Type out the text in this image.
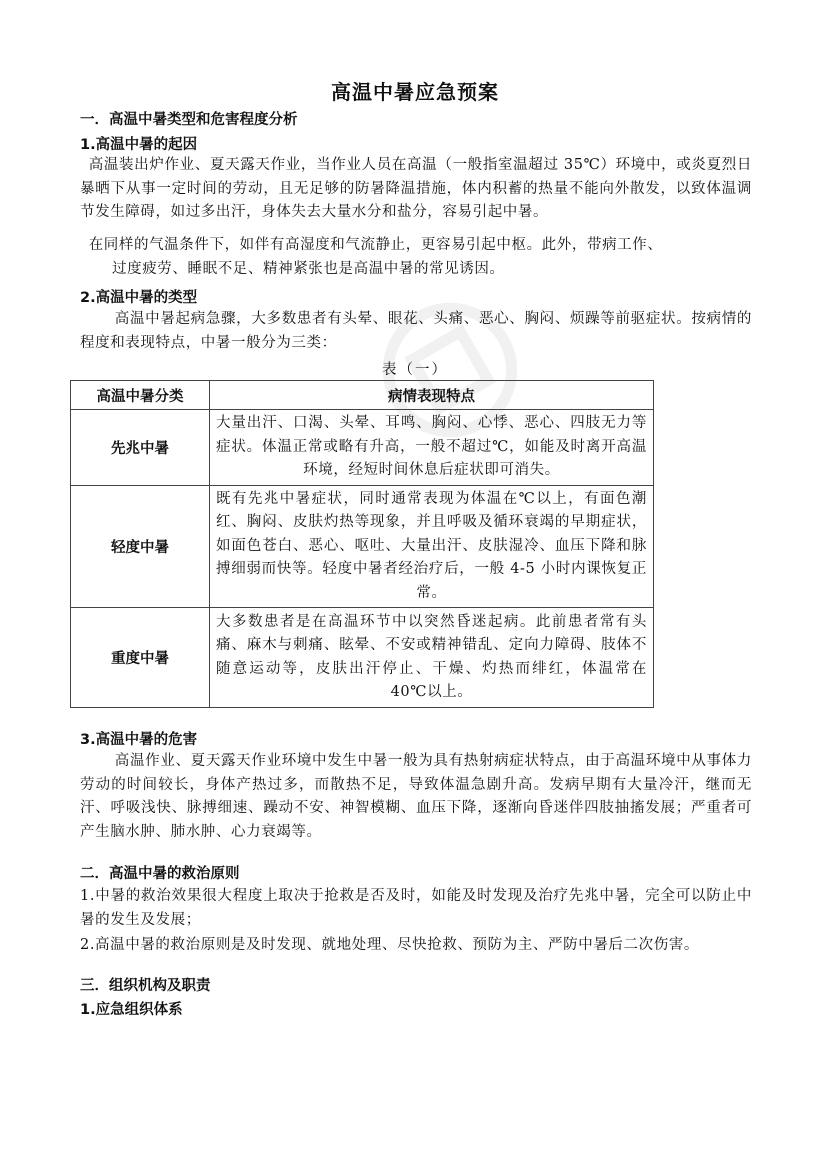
高温中暑应急预案
一．高温中暑类型和危害程度分析
1.高温中暑的起因
高温装出炉作业、夏天露天作业，当作业人员在高温（一般指室温超过 35℃）环境中，或炎夏烈日暴晒下从事一定时间的劳动，且无足够的防暑降温措施，体内积蓄的热量不能向外散发，以致体温调节发生障碍，如过多出汗，身体失去大量水分和盐分，容易引起中暑。
在同样的气温条件下，如伴有高湿度和气流静止，更容易引起中枢。此外，带病工作、
过度疲劳、睡眠不足、精神紧张也是高温中暑的常见诱因。
2.高温中暑的类型
高温中暑起病急骤，大多数患者有头晕、眼花、头痛、恶心、胸闷、烦躁等前驱症状。按病情的程度和表现特点，中暑一般分为三类：
表（一）
高温中暑分类	病情表现特点
先兆中暑	大量出汗、口渴、头晕、耳鸣、胸闷、心悸、恶心、四肢无力等症状。体温正常或略有升高，一般不超过℃，如能及时离开高温环境，经短时间休息后症状即可消失。
轻度中暑	既有先兆中暑症状，同时通常表现为体温在℃以上，有面色潮红、胸闷、皮肤灼热等现象，并且呼吸及循环衰竭的早期症状，如面色苍白、恶心、呕吐、大量出汗、皮肤湿冷、血压下降和脉搏细弱而快等。轻度中暑者经治疗后，一般 4-5 小时内课恢复正常。
重度中暑	大多数患者是在高温环节中以突然昏迷起病。此前患者常有头痛、麻木与刺痛、眩晕、不安或精神错乱、定向力障碍、肢体不随意运动等，皮肤出汗停止、干燥、灼热而绯红，体温常在 40℃以上。
3.高温中暑的危害
高温作业、夏天露天作业环境中发生中暑一般为具有热射病症状特点，由于高温环境中从事体力劳动的时间较长，身体产热过多，而散热不足，导致体温急剧升高。发病早期有大量冷汗，继而无汗、呼吸浅快、脉搏细速、躁动不安、神智模糊、血压下降，逐渐向昏迷伴四肢抽搐发展；严重者可产生脑水肿、肺水肿、心力衰竭等。
二．高温中暑的救治原则
1.中暑的救治效果很大程度上取决于抢救是否及时，如能及时发现及治疗先兆中暑，完全可以防止中暑的发生及发展；
2.高温中暑的救治原则是及时发现、就地处理、尽快抢救、预防为主、严防中暑后二次伤害。
三．组织机构及职责
1.应急组织体系
